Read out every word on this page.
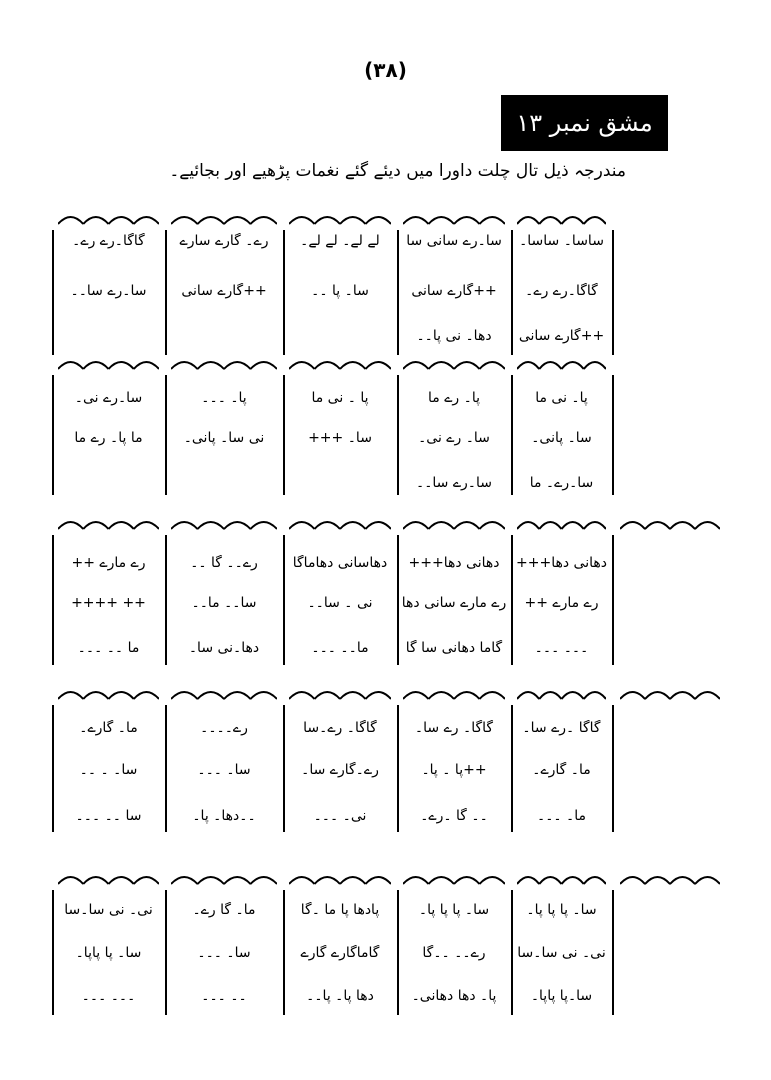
(۳۸)
مشق نمبر ۱۳
مندرجہ ذیل تال چلت داورا میں دیئے گئے نغمات پڑھیے اور بجائیے۔
ساسا۔ ساسا۔
سا۔رے سانی سا
لے لے۔ لے لے۔
رے۔ گارے سارے
گاگا۔رے رے۔
گاگا۔رے رے۔
++گارے سانی
سا۔ پا ۔۔
++گارے سانی
سا۔رے سا۔۔
++گارے سانی
دھا۔ نی پا۔۔
پا۔ نی ما
پا۔ رے ما
پا ۔ نی ما
پا۔ ۔۔۔
سا۔رے نی۔
سا۔ پانی۔
سا۔ رے نی۔
سا۔ +++
نی سا۔ پانی۔
ما پا۔ رے ما
سا۔رے۔ ما
سا۔رے سا۔۔
دھانی دھا+++
دھانی دھا+++
دھاسانی دھاماگا
رے۔۔ گا ۔۔
رے مارے ++
رے مارے ++
رے مارے سانی دھا
نی ۔ سا۔۔
سا۔۔ ما۔۔
++ ++++
۔۔۔ ۔۔۔
گاما دھانی سا گا
ما۔۔ ۔۔۔
دھا۔نی سا۔
ما ۔۔ ۔۔۔
گاگا ۔رے سا۔
گاگا۔ رے سا۔
گاگا۔ رے۔سا
رے۔۔۔۔
ما۔ گارے۔
ما۔ گارے۔
++پا ۔ پا۔
رے۔گارے سا۔
سا۔ ۔۔۔
سا۔ ۔ ۔۔
ما۔ ۔۔۔
۔۔ گا ۔رے۔
نی۔ ۔۔۔
۔۔دھا۔ پا۔
سا ۔۔ ۔۔۔
سا۔ پا پا پا۔
سا۔ پا پا پا۔
پادھا پا ما ۔گا
ما۔ گا رے۔
نی۔ نی سا۔سا
نی۔ نی سا۔سا
رے۔۔ ۔۔گا
گاماگارے گارے
سا۔ ۔۔۔
سا۔ پا پاپا۔
سا۔پا پاپا۔
پا۔ دھا دھانی۔
دھا پا۔ پا۔۔
۔۔ ۔۔۔
۔۔۔ ۔۔۔
